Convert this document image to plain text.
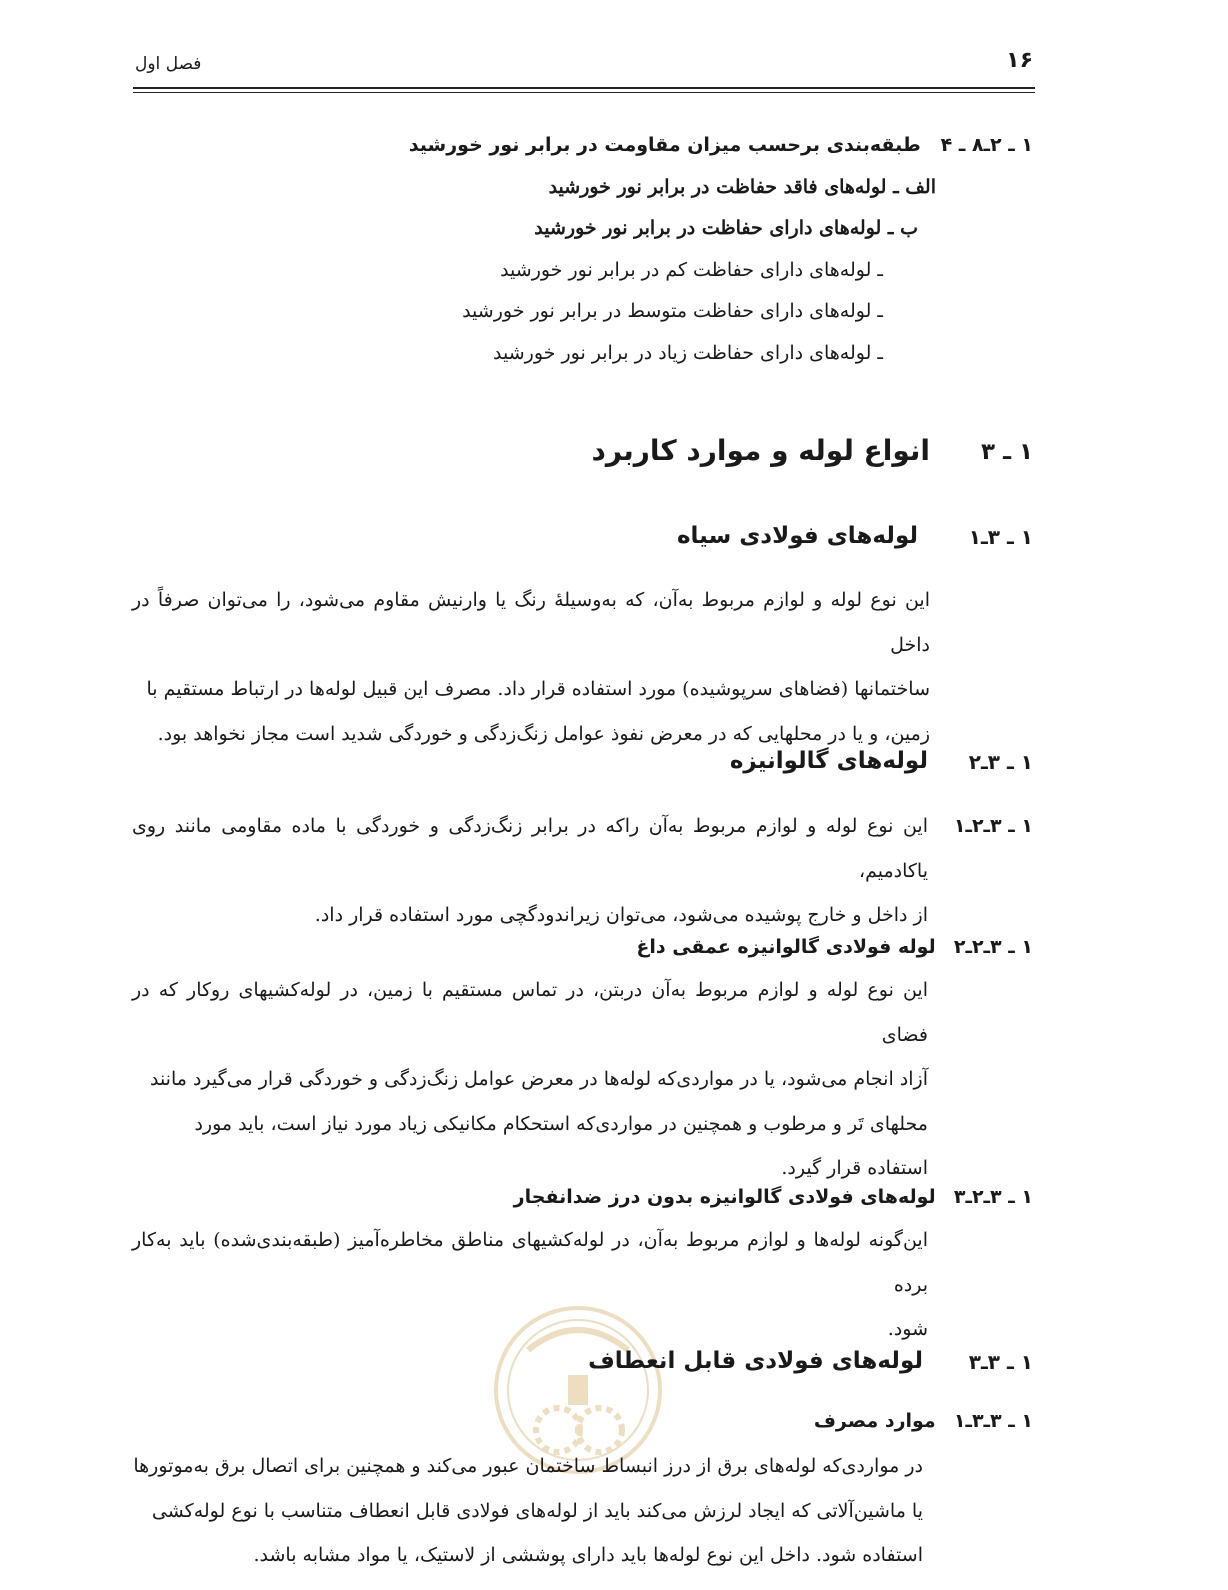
۱۶
فصل اول
۱ ـ ۲ـ۸ ـ ۴   طبقه‌بندی برحسب میزان مقاومت در برابر نور خورشید
الف ـ لوله‌های فاقد حفاظت در برابر نور خورشید
ب ـ لوله‌های دارای حفاظت در برابر نور خورشید
ـ لوله‌های دارای حفاظت کم در برابر نور خورشید
ـ لوله‌های دارای حفاظت متوسط در برابر نور خورشید
ـ لوله‌های دارای حفاظت زیاد در برابر نور خورشید
۱ ـ ۳
انواع لوله و موارد کاربرد
۱ ـ ۳ـ۱
لوله‌های فولادی سیاه
این نوع لوله و لوازم مربوط به‌آن، که به‌وسیلهٔ رنگ یا وارنیش مقاوم می‌شود، را می‌توان صرفاً در داخل
ساختمانها (فضاهای سرپوشیده) مورد استفاده قرار داد. مصرف این قبیل لوله‌ها در ارتباط مستقیم با
زمین، و یا در محلهایی که در معرض نفوذ عوامل زنگ‌زدگی و خوردگی شدید است مجاز نخواهد بود.
۱ ـ ۳ـ۲
لوله‌های گالوانیزه
۱ ـ ۳ـ۲ـ۱
این نوع لوله و لوازم مربوط به‌آن راکه در برابر زنگ‌زدگی و خوردگی با ماده مقاومی مانند روی یاکادمیم،
از داخل و خارج پوشیده می‌شود، می‌توان زیراندودگچی مورد استفاده قرار داد.
۱ ـ ۳ـ۲ـ۲   لوله فولادی گالوانیزه عمقی داغ
این نوع لوله و لوازم مربوط به‌آن دربتن، در تماس مستقیم با زمین، در لوله‌کشیهای روکار که در فضای
آزاد انجام می‌شود، یا در مواردی‌که لوله‌ها در معرض عوامل زنگ‌زدگی و خوردگی قرار می‌گیرد مانند
محلهای تَر و مرطوب و همچنین در مواردی‌که استحکام مکانیکی زیاد مورد نیاز است، باید مورد
استفاده قرار گیرد.
۱ ـ ۳ـ۲ـ۳   لوله‌های فولادی گالوانیزه بدون درز ضدانفجار
این‌گونه لوله‌ها و لوازم مربوط به‌آن، در لوله‌کشیهای مناطق مخاطره‌آمیز (طبقه‌بندی‌شده) باید به‌کار برده
شود.
۱ ـ ۳ـ۳
لوله‌های فولادی قابل انعطاف
۱ ـ ۳ـ۳ـ۱   موارد مصرف
در مواردی‌که لوله‌های برق از درز انبساط ساختمان عبور می‌کند و همچنین برای اتصال برق به‌موتورها
یا ماشین‌آلاتی که ایجاد لرزش می‌کند باید از لوله‌های فولادی قابل انعطاف متناسب با نوع لوله‌کشی
استفاده شود. داخل این نوع لوله‌ها باید دارای پوششی از لاستیک، یا مواد مشابه باشد.
